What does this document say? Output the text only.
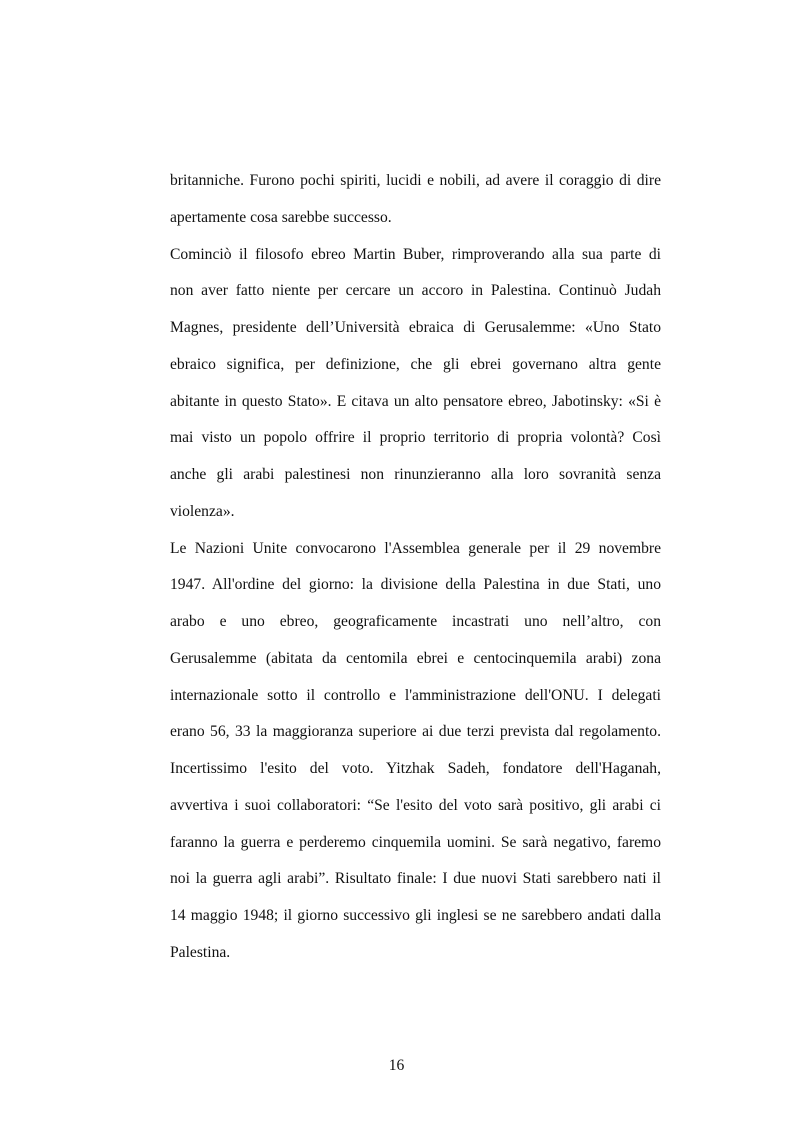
britanniche. Furono pochi spiriti, lucidi e nobili, ad avere il coraggio di dire
apertamente cosa sarebbe successo.
Cominciò il filosofo ebreo Martin Buber, rimproverando alla sua parte di
non aver fatto niente per cercare un accoro in Palestina. Continuò Judah
Magnes, presidente dell’Università ebraica di Gerusalemme: «Uno Stato
ebraico significa, per definizione, che gli ebrei governano altra gente
abitante in questo Stato». E citava un alto pensatore ebreo, Jabotinsky: «Si è
mai visto un popolo offrire il proprio territorio di propria volontà? Così
anche gli arabi palestinesi non rinunzieranno alla loro sovranità senza
violenza».
Le Nazioni Unite convocarono l'Assemblea generale per il 29 novembre
1947. All'ordine del giorno: la divisione della Palestina in due Stati, uno
arabo e uno ebreo, geograficamente incastrati uno nell’altro, con
Gerusalemme (abitata da centomila ebrei e centocinquemila arabi) zona
internazionale sotto il controllo e l'amministrazione dell'ONU. I delegati
erano 56, 33 la maggioranza superiore ai due terzi prevista dal regolamento.
Incertissimo l'esito del voto. Yitzhak Sadeh, fondatore dell'Haganah,
avvertiva i suoi collaboratori: “Se l'esito del voto sarà positivo, gli arabi ci
faranno la guerra e perderemo cinquemila uomini. Se sarà negativo, faremo
noi la guerra agli arabi”. Risultato finale: I due nuovi Stati sarebbero nati il
14 maggio 1948; il giorno successivo gli inglesi se ne sarebbero andati dalla
Palestina.
16
